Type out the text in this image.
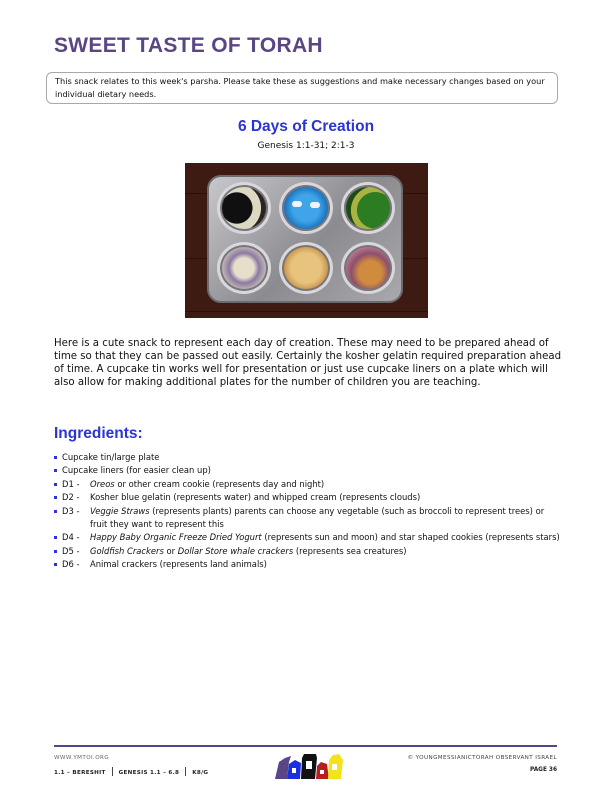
SWEET TASTE OF TORAH
This snack relates to this week's parsha. Please take these as suggestions and make necessary changes based on your individual dietary needs.
6 Days of Creation
Genesis 1:1-31; 2:1-3

Here is a cute snack to represent each day of creation. These may need to be prepared ahead of time so that they can be passed out easily. Certainly the kosher gelatin required preparation ahead of time. A cupcake tin works well for presentation or just use cupcake liners on a plate which will also allow for making additional plates for the number of children you are teaching.

Ingredients:
Cupcake tin/large plate
Cupcake liners (for easier clean up)
D1 - Oreos or other cream cookie (represents day and night)
D2 - Kosher blue gelatin (represents water) and whipped cream (represents clouds)
D3 - Veggie Straws (represents plants) parents can choose any vegetable (such as broccoli to represent trees) or fruit they want to represent this
D4 - Happy Baby Organic Freeze Dried Yogurt (represents sun and moon) and star shaped cookies (represents stars)
D5 - Goldfish Crackers or Dollar Store whale crackers (represents sea creatures)
D6 - Animal crackers (represents land animals)
WWW.YMTOI.ORG
1.1 – BERESHIT GENESIS 1.1 – 6.8 K8/G
© YOUNGMESSIANICTORAH OBSERVANT ISRAEL
PAGE 36
